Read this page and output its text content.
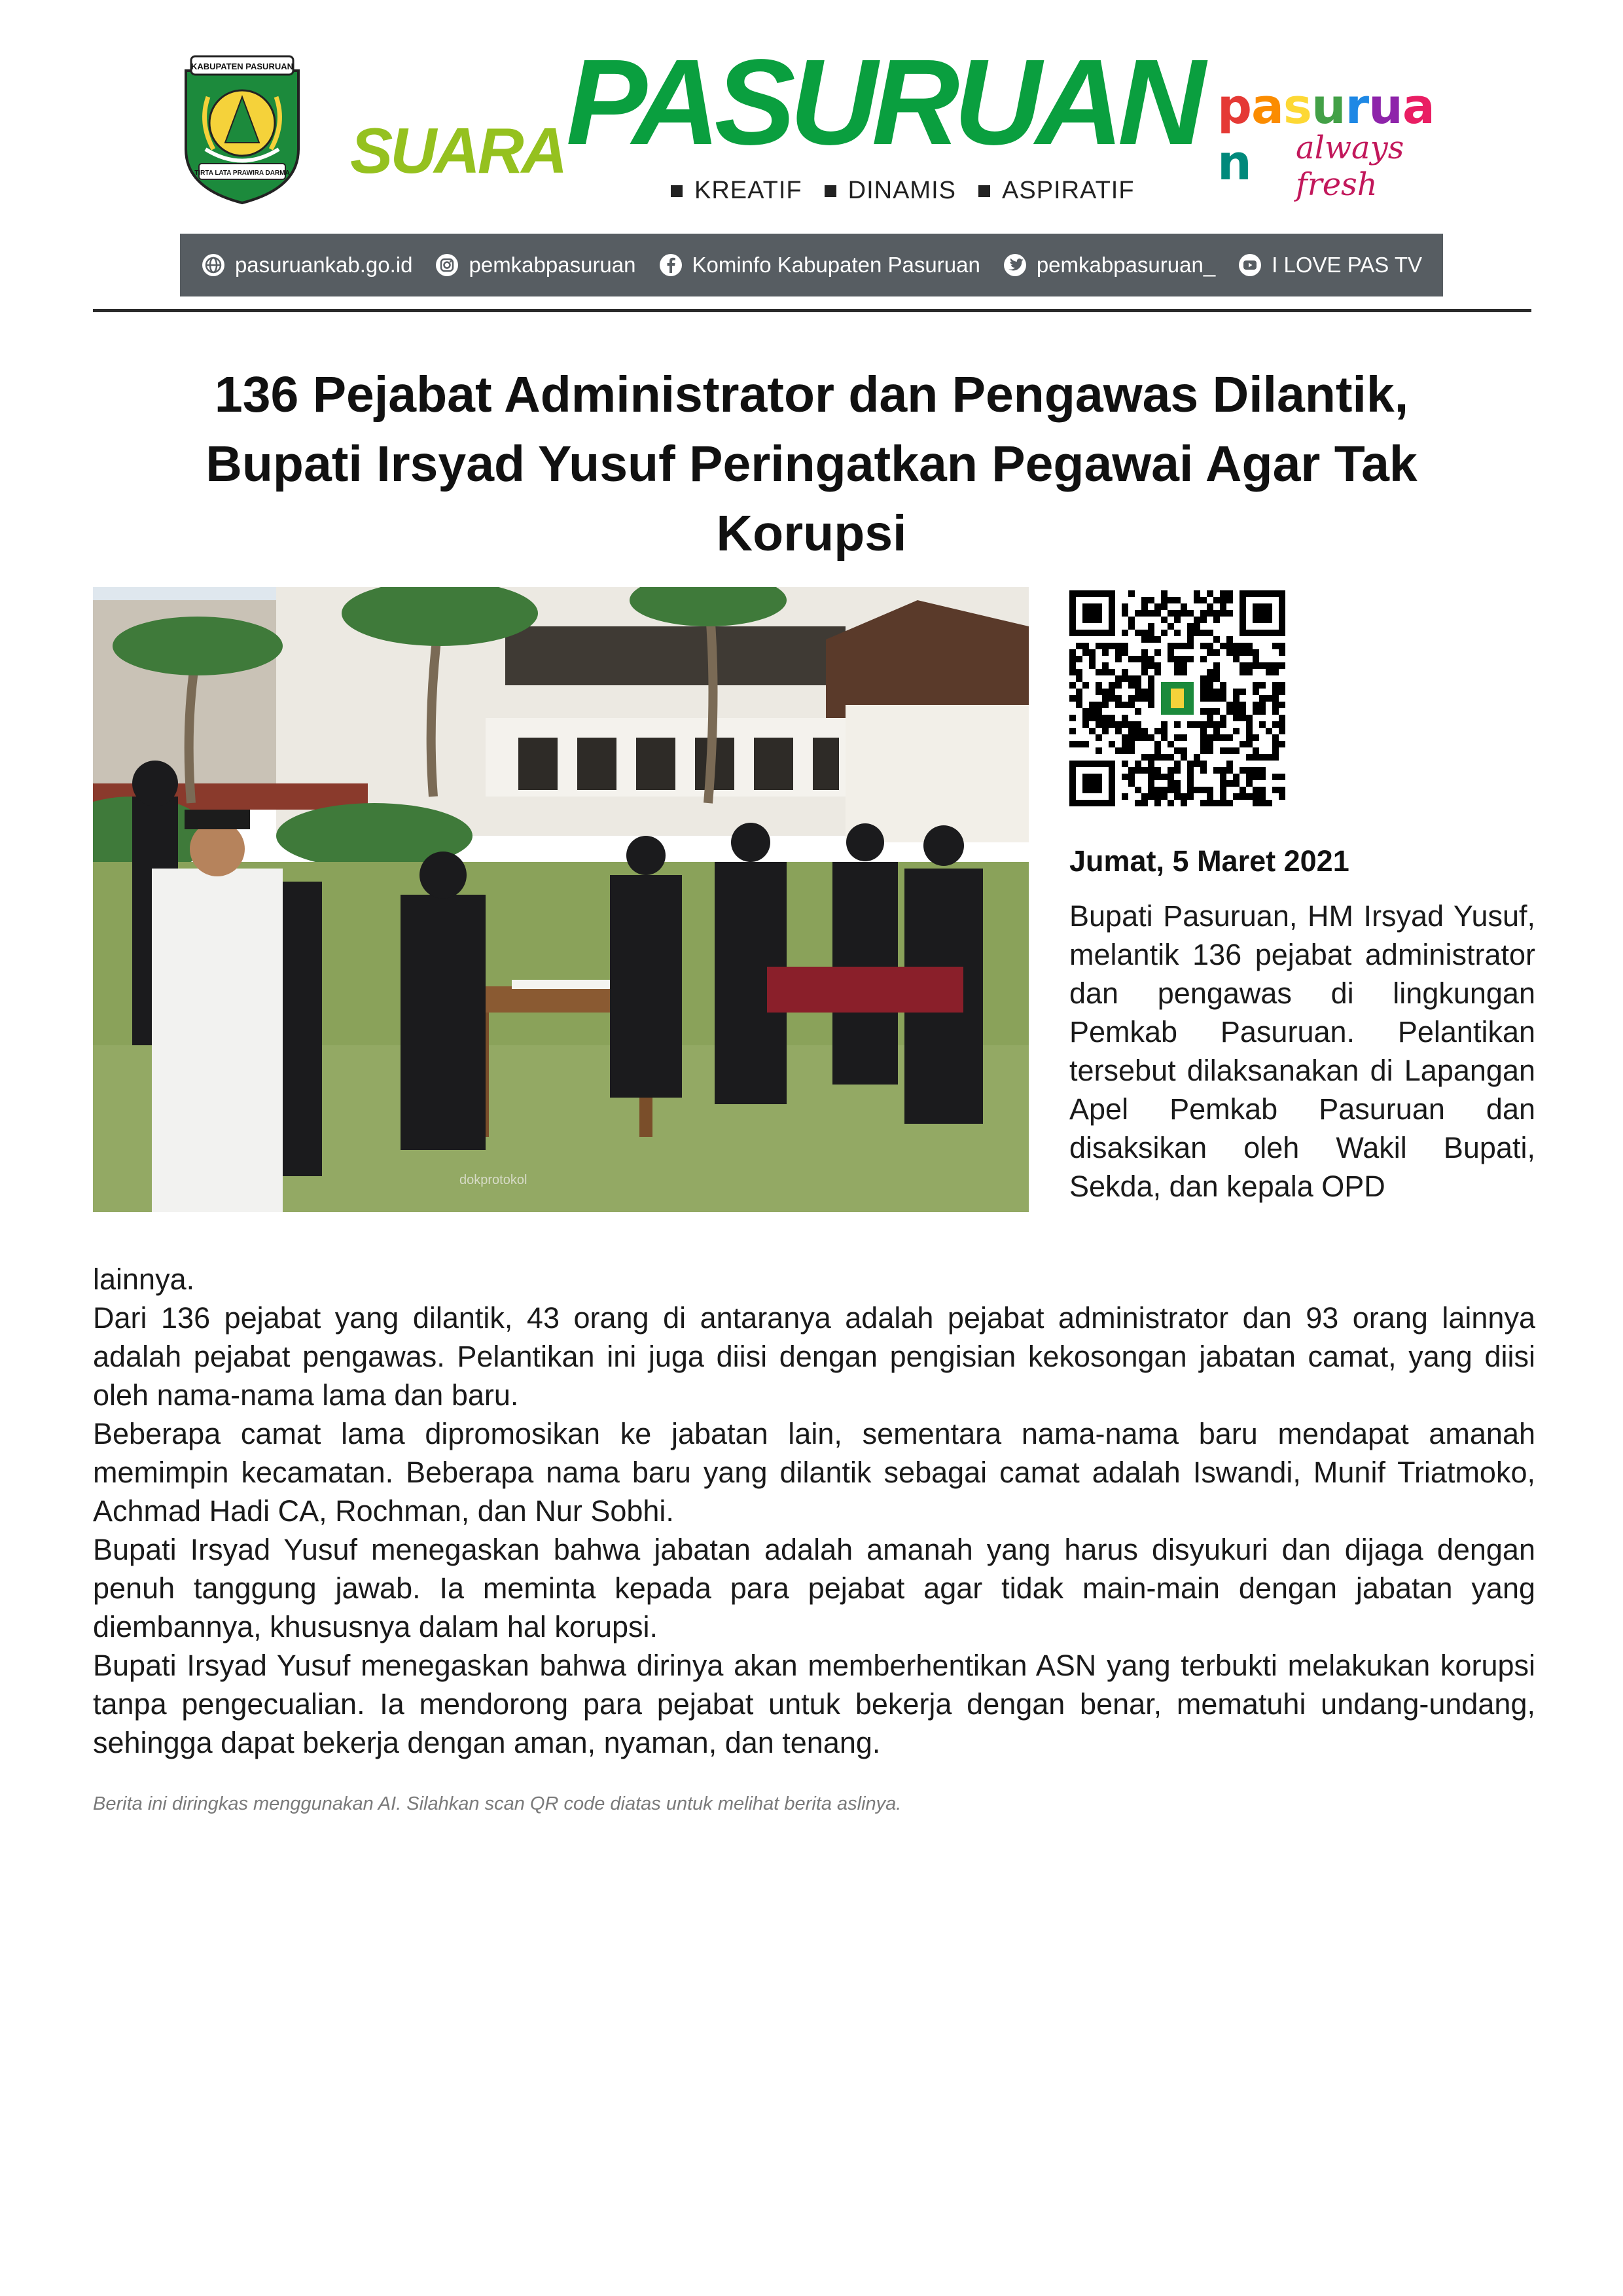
KABUPATEN PASURUAN
TIRTA LATA PRAWIRA DARMA SUARA PASURUAN
KREATIF DINAMIS ASPIRATIF
pasuruan	always fresh
pasuruankab.go.id	pemkabpasuruan	Kominfo Kabupaten Pasuruan	pemkabpasuruan_	I LOVE PAS TV
136 Pejabat Administrator dan Pengawas Dilantik,
Bupati Irsyad Yusuf Peringatkan Pegawai Agar Tak
Korupsi
dokprotokol
Jumat, 5 Maret 2021
Bupati Pasuruan, HM Irsyad Yusuf, melantik 136 pejabat administrator dan pengawas di lingkungan Pemkab Pasuruan. Pelantikan tersebut dilaksanakan di Lapangan Apel Pemkab Pasuruan dan disaksikan oleh Wakil Bupati, Sekda, dan kepala OPD

lainnya.

Dari 136 pejabat yang dilantik, 43 orang di antaranya adalah pejabat administrator dan 93 orang lainnya adalah pejabat pengawas. Pelantikan ini juga diisi dengan pengisian kekosongan jabatan camat, yang diisi oleh nama-nama lama dan baru.

Beberapa camat lama dipromosikan ke jabatan lain, sementara nama-nama baru mendapat amanah memimpin kecamatan. Beberapa nama baru yang dilantik sebagai camat adalah Iswandi, Munif Triatmoko, Achmad Hadi CA, Rochman, dan Nur Sobhi.

Bupati Irsyad Yusuf menegaskan bahwa jabatan adalah amanah yang harus disyukuri dan dijaga dengan penuh tanggung jawab. Ia meminta kepada para pejabat agar tidak main-main dengan jabatan yang diembannya, khususnya dalam hal korupsi.

Bupati Irsyad Yusuf menegaskan bahwa dirinya akan memberhentikan ASN yang terbukti melakukan korupsi tanpa pengecualian. Ia mendorong para pejabat untuk bekerja dengan benar, mematuhi undang-undang, sehingga dapat bekerja dengan aman, nyaman, dan tenang.

Berita ini diringkas menggunakan AI. Silahkan scan QR code diatas untuk melihat berita aslinya.
